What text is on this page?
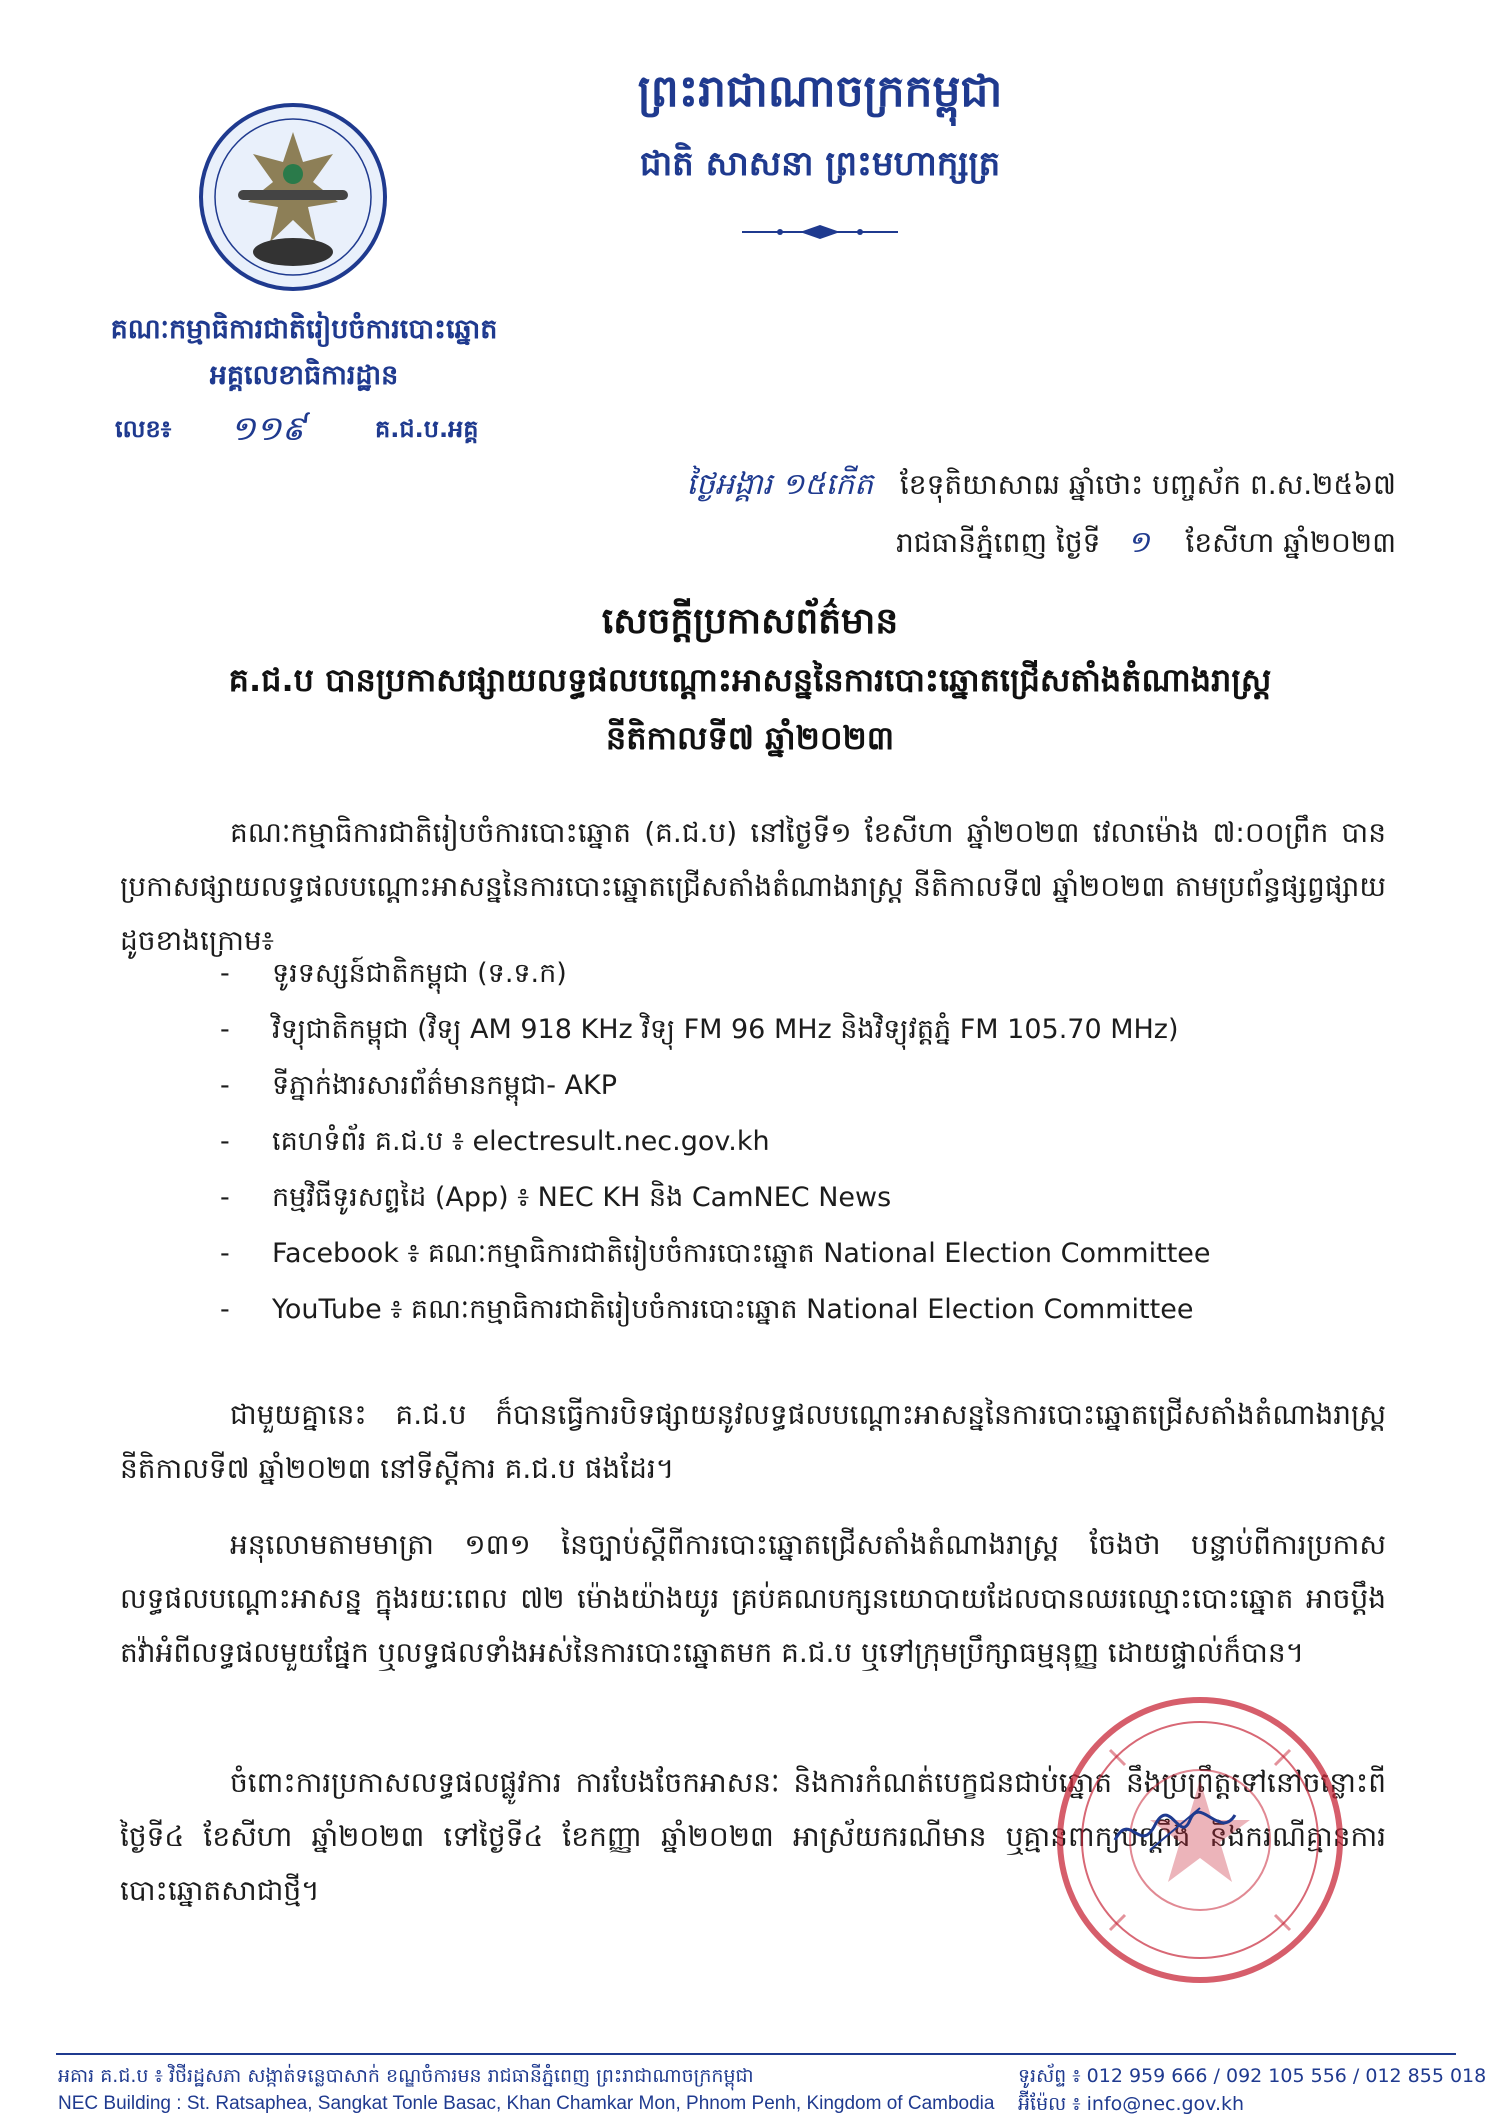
ព្រះរាជាណាចក្រកម្ពុជា
ជាតិ សាសនា ព្រះមហាក្សត្រ
គណៈកម្មាធិការជាតិរៀបចំការបោះឆ្នោត
អគ្គលេខាធិការដ្ឋាន
លេខ៖ ១១៩	គ.ជ.ប.អគ្គ
ថ្ងៃអង្គារ ១៥កើត ខែទុតិយាសាឍ ឆ្នាំថោះ បញ្ចស័ក ព.ស.២៥៦៧
រាជធានីភ្នំពេញ ថ្ងៃទី ១ ខែសីហា ឆ្នាំ២០២៣
សេចក្តីប្រកាសព័ត៌មាន
គ.ជ.ប បានប្រកាសផ្សាយលទ្ធផលបណ្តោះអាសន្ននៃការបោះឆ្នោតជ្រើសតាំងតំណាងរាស្រ្ត
នីតិកាលទី៧ ឆ្នាំ២០២៣

គណៈកម្មាធិការជាតិរៀបចំការបោះឆ្នោត (គ.ជ.ប) នៅថ្ងៃទី១ ខែសីហា ឆ្នាំ២០២៣ វេលាម៉ោង ៧:០០ព្រឹក បានប្រកាសផ្សាយលទ្ធផលបណ្តោះអាសន្ននៃការបោះឆ្នោតជ្រើសតាំងតំណាងរាស្រ្ត នីតិកាលទី៧ ឆ្នាំ២០២៣ តាមប្រព័ន្ធផ្សព្វផ្សាយ ដូចខាងក្រោម៖

- ទូរទស្សន៍ជាតិកម្ពុជា (ទ.ទ.ក)
- វិទ្យុជាតិកម្ពុជា (វិទ្យុ AM 918 KHz វិទ្យុ FM 96 MHz និងវិទ្យុវត្តភ្នំ FM 105.70 MHz)
- ទីភ្នាក់ងារសារព័ត៌មានកម្ពុជា- AKP
- គេហទំព័រ គ.ជ.ប ៖ electresult.nec.gov.kh
- កម្មវិធីទូរសព្ទដៃ (App) ៖ NEC KH និង CamNEC News
- Facebook ៖ គណៈកម្មាធិការជាតិរៀបចំការបោះឆ្នោត National Election Committee
- YouTube ៖ គណៈកម្មាធិការជាតិរៀបចំការបោះឆ្នោត National Election Committee

ជាមួយគ្នានេះ គ.ជ.ប ក៏បានធ្វើការបិទផ្សាយនូវលទ្ធផលបណ្តោះអាសន្ននៃការបោះឆ្នោតជ្រើសតាំងតំណាងរាស្រ្ត នីតិកាលទី៧ ឆ្នាំ២០២៣ នៅទីស្តីការ គ.ជ.ប ផងដែរ។

អនុលោមតាមមាត្រា ១៣១ នៃច្បាប់ស្តីពីការបោះឆ្នោតជ្រើសតាំងតំណាងរាស្រ្ត ចែងថា បន្ទាប់ពីការប្រកាសលទ្ធផលបណ្តោះអាសន្ន ក្នុងរយៈពេល ៧២ ម៉ោងយ៉ាងយូរ គ្រប់គណបក្សនយោបាយដែលបានឈរឈ្មោះបោះឆ្នោត អាចប្តឹងតវ៉ាអំពីលទ្ធផលមួយផ្នែក ឬលទ្ធផលទាំងអស់នៃការបោះឆ្នោតមក គ.ជ.ប ឬទៅក្រុមប្រឹក្សាធម្មនុញ្ញ ដោយផ្ទាល់ក៏បាន។

ចំពោះការប្រកាសលទ្ធផលផ្លូវការ ការបែងចែកអាសនៈ និងការកំណត់បេក្ខជនជាប់ឆ្នោត នឹងប្រព្រឹត្តទៅនៅចន្លោះពីថ្ងៃទី៤ ខែសីហា ឆ្នាំ២០២៣ ទៅថ្ងៃទី៤ ខែកញ្ញា ឆ្នាំ២០២៣ អាស្រ័យករណីមាន ឬគ្មានពាក្យបណ្តឹង និងករណីគ្មានការបោះឆ្នោតសាជាថ្មី។

អគារ គ.ជ.ប ៖ វិថីរដ្ឋសភា សង្កាត់ទន្លេបាសាក់ ខណ្ឌចំការមន រាជធានីភ្នំពេញ ព្រះរាជាណាចក្រកម្ពុជា
NEC Building : St. Ratsaphea, Sangkat Tonle Basac, Khan Chamkar Mon, Phnom Penh, Kingdom of Cambodia
ទូរស័ព្ទ ៖ 012 959 666 / 092 105 556 / 012 855 018
អ៊ីម៉ែល ៖ info@nec.gov.kh
